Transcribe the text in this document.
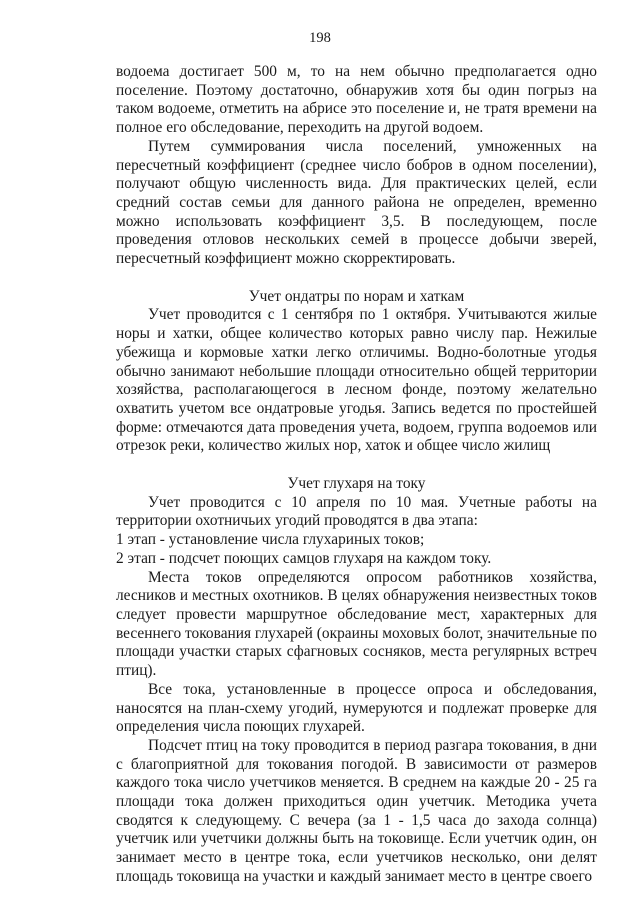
198

водоема достигает 500 м, то на нем обычно предполагается одно поселение. Поэтому достаточно, обнаружив хотя бы один погрыз на таком водоеме, отметить на абрисе это поселение и, не тратя времени на полное его обследование, переходить на другой водоем.

Путем суммирования числа поселений, умноженных на пересчетный коэффициент (среднее число бобров в одном поселении), получают общую численность вида. Для практических целей, если средний состав семьи для данного района не определен, временно можно использовать коэффициент 3,5. В последующем, после проведения отловов нескольких семей в процессе добычи зверей, пересчетный коэффициент можно скорректировать.

Учет ондатры по норам и хаткам

Учет проводится с 1 сентября по 1 октября. Учитываются жилые норы и хатки, общее количество которых равно числу пар. Нежилые убежища и кормовые хатки легко отличимы. Водно-болотные угодья обычно занимают небольшие площади относительно общей территории хозяйства, располагающегося в лесном фонде, поэтому желательно охватить учетом все ондатровые угодья. Запись ведется по простейшей форме: отмечаются дата проведения учета, водоем, группа водоемов или отрезок реки, количество жилых нор, хаток и общее число жилищ

Учет глухаря на току

Учет проводится с 10 апреля по 10 мая. Учетные работы на территории охотничьих угодий проводятся в два этапа:

1 этап - установление числа глухариных токов;

2 этап - подсчет поющих самцов глухаря на каждом току.

Места токов определяются опросом работников хозяйства, лесников и местных охотников. В целях обнаружения неизвестных токов следует провести маршрутное обследование мест, характерных для весеннего токования глухарей (окраины моховых болот, значительные по площади участки старых сфагновых сосняков, места регулярных встреч птиц).

Все тока, установленные в процессе опроса и обследования, наносятся на план-схему угодий, нумеруются и подлежат проверке для определения числа поющих глухарей.

Подсчет птиц на току проводится в период разгара токования, в дни с благоприятной для токования погодой. В зависимости от размеров каждого тока число учетчиков меняется. В среднем на каждые 20 - 25 га площади тока должен приходиться один учетчик. Методика учета сводятся к следующему. С вечера (за 1 - 1,5 часа до захода солнца) учетчик или учетчики должны быть на токовище. Если учетчик один, он занимает место в центре тока, если учетчиков несколько, они делят площадь токовища на участки и каждый занимает место в центре своего
